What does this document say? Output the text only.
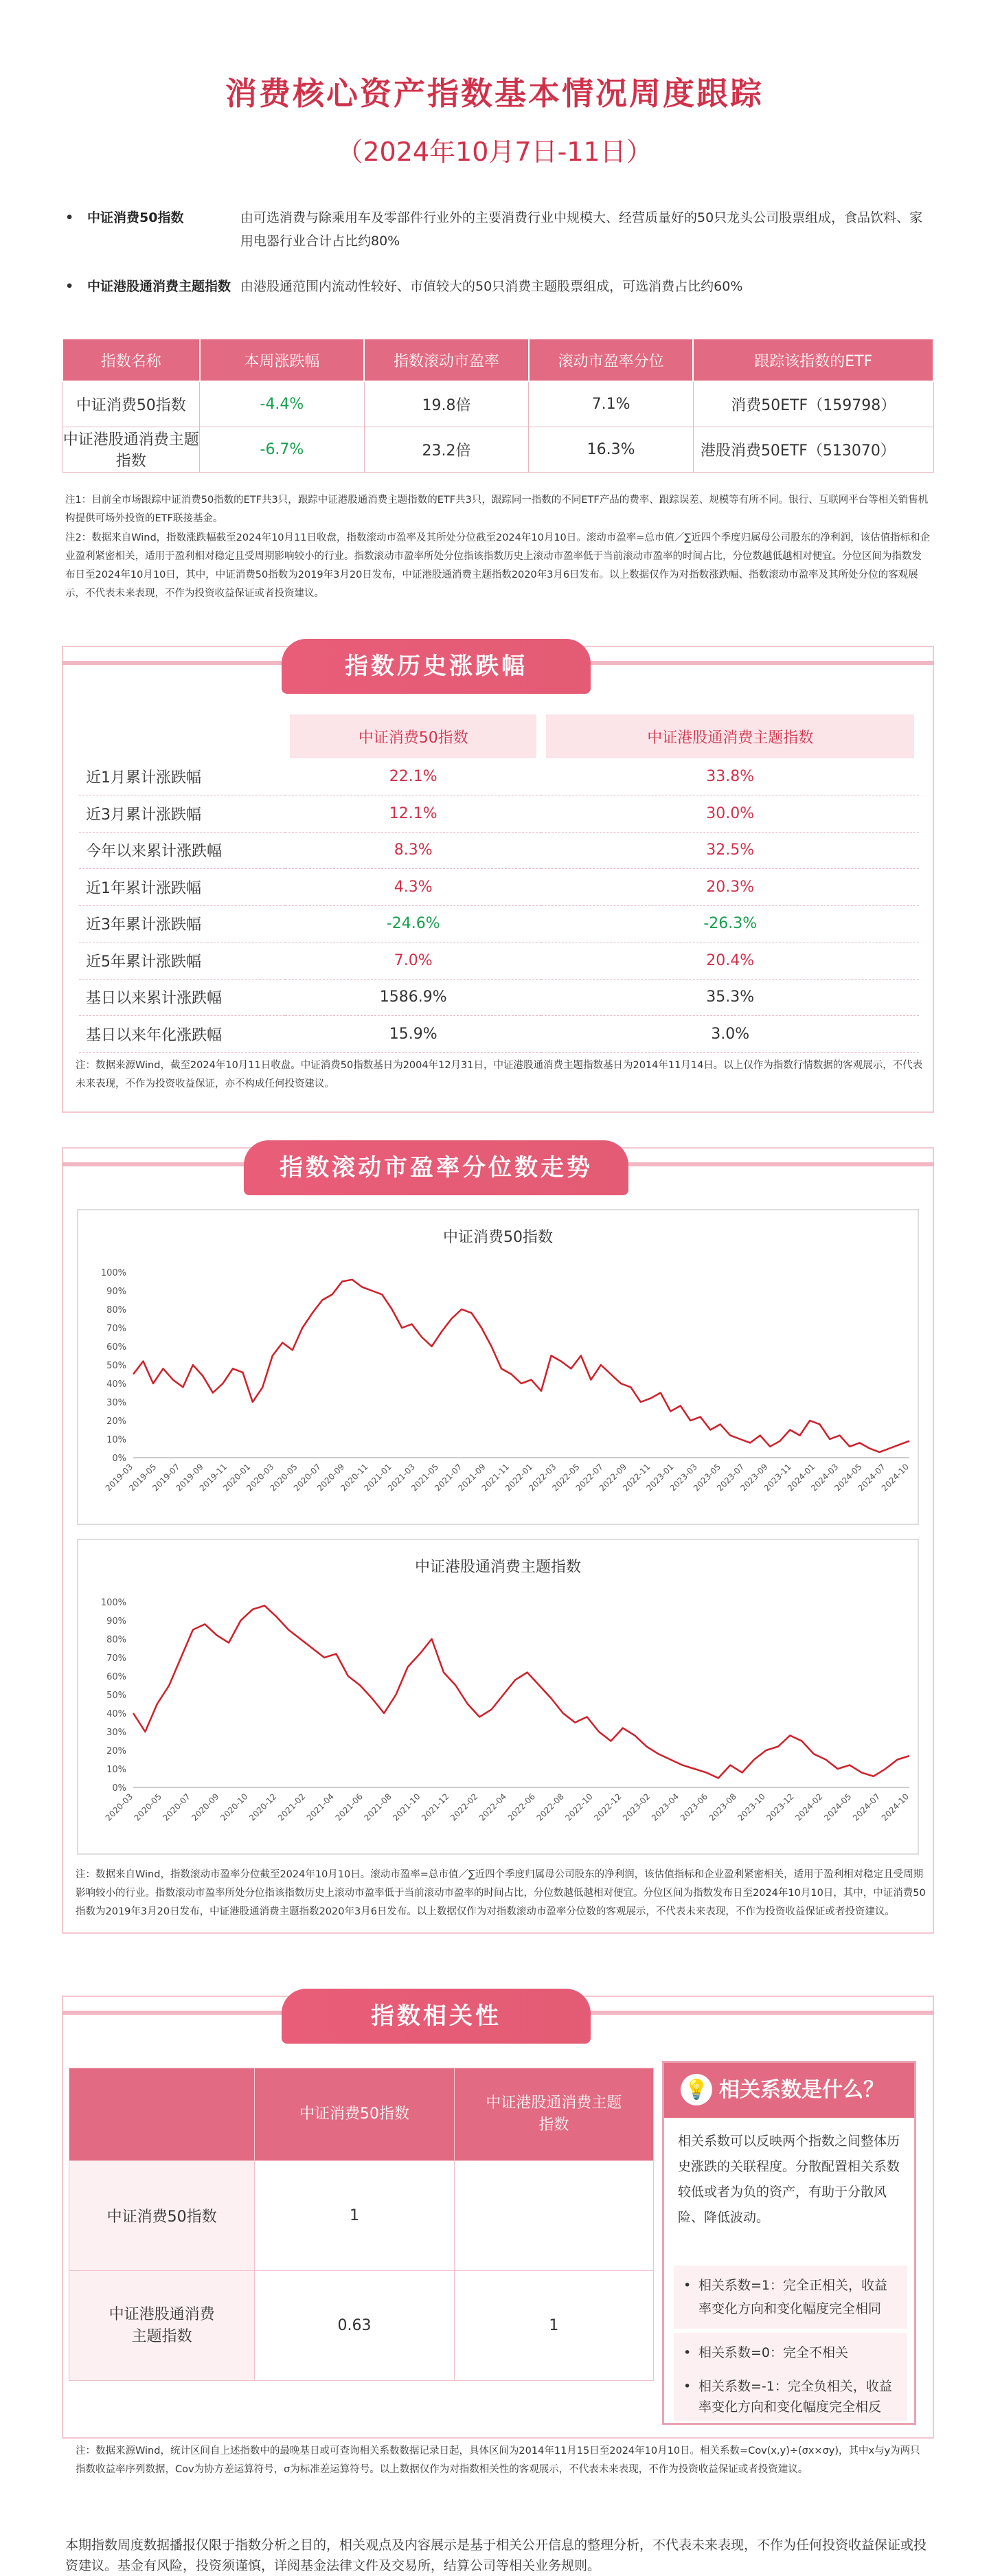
消费核心资产指数基本情况周度跟踪
（2024年10月7日-11日）
• 中证消费50指数	由可选消费与除乘用车及零部件行业外的主要消费行业中规模大、经营质量好的50只龙头公司股票组成，食品饮料、家用电器行业合计占比约80%
• 中证港股通消费主题指数 由港股通范围内流动性较好、市值较大的50只消费主题股票组成，可选消费占比约60%
指数名称	本周涨跌幅	指数滚动市盈率	滚动市盈率分位	跟踪该指数的ETF
中证消费50指数	-4.4%	19.8倍	7.1%	消费50ETF（159798）
中证港股通消费主题指数	-6.7%	23.2倍	16.3%	港股消费50ETF（513070）
注1：目前全市场跟踪中证消费50指数的ETF共3只，跟踪中证港股通消费主题指数的ETF共3只，跟踪同一指数的不同ETF产品的费率、跟踪误差、规模等有所不同。银行、互联网平台等相关销售机构提供可场外投资的ETF联接基金。
注2：数据来自Wind，指数涨跌幅截至2024年10月11日收盘，指数滚动市盈率及其所处分位截至2024年10月10日。滚动市盈率=总市值／∑近四个季度归属母公司股东的净利润，该估值指标和企业盈利紧密相关，适用于盈利相对稳定且受周期影响较小的行业。指数滚动市盈率所处分位指该指数历史上滚动市盈率低于当前滚动市盈率的时间占比，分位数越低越相对便宜。分位区间为指数发布日至2024年10月10日，其中，中证消费50指数为2019年3月20日发布，中证港股通消费主题指数2020年3月6日发布。以上数据仅作为对指数涨跌幅、指数滚动市盈率及其所处分位的客观展示，不代表未来表现，不作为投资收益保证或者投资建议。
指数历史涨跌幅
	中证消费50指数	中证港股通消费主题指数
近1月累计涨跌幅	22.1%	33.8%
近3月累计涨跌幅	12.1%	30.0%
今年以来累计涨跌幅	8.3%	32.5%
近1年累计涨跌幅	4.3%	20.3%
近3年累计涨跌幅	-24.6%	-26.3%
近5年累计涨跌幅	7.0%	20.4%
基日以来累计涨跌幅	1586.9%	35.3%
基日以来年化涨跌幅	15.9%	3.0%
注：数据来源Wind，截至2024年10月11日收盘。中证消费50指数基日为2004年12月31日，中证港股通消费主题指数基日为2014年11月14日。以上仅作为指数行情数据的客观展示，不代表未来表现，不作为投资收益保证，亦不构成任何投资建议。
指数滚动市盈率分位数走势
中证消费50指数
100%
90%
80%
70%
60%
50%
40%
30%
20%
10%
0%
2019-03
2019-05
2019-07
2019-09
2019-11
2020-01
2020-03
2020-05
2020-07
2020-09
2020-11
2021-01
2021-03
2021-05
2021-07
2021-09
2021-11
2022-01
2022-03
2022-05
2022-07
2022-09
2022-11
2023-01
2023-03
2023-05
2023-07
2023-09
2023-11
2024-01
2024-03
2024-05
2024-07
2024-10
中证港股通消费主题指数
100%
90%
80%
70%
60%
50%
40%
30%
20%
10%
0%
2020-03
2020-05
2020-07
2020-09
2020-10
2020-12
2021-02
2021-04
2021-06
2021-08
2021-10
2021-12
2022-02
2022-04
2022-06
2022-08
2022-10
2022-12
2023-02
2023-04
2023-06
2023-08
2023-10
2023-12
2024-02
2024-05
2024-07
2024-10
注：数据来自Wind，指数滚动市盈率分位截至2024年10月10日。滚动市盈率=总市值／∑近四个季度归属母公司股东的净利润，该估值指标和企业盈利紧密相关，适用于盈利相对稳定且受周期影响较小的行业。指数滚动市盈率所处分位指该指数历史上滚动市盈率低于当前滚动市盈率的时间占比，分位数越低越相对便宜。分位区间为指数发布日至2024年10月10日，其中，中证消费50指数为2019年3月20日发布，中证港股通消费主题指数2020年3月6日发布。以上数据仅作为对指数滚动市盈率分位数的客观展示，不代表未来表现，不作为投资收益保证或者投资建议。
指数相关性
	中证消费50指数	中证港股通消费主题指数
中证消费50指数	1	
中证港股通消费主题指数	0.63	1
💡 相关系数是什么？
相关系数可以反映两个指数之间整体历史涨跌的关联程度。分散配置相关系数较低或者为负的资产，有助于分散风险、降低波动。
• 相关系数=1：完全正相关，收益率变化方向和变化幅度完全相同
• 相关系数=0：完全不相关
• 相关系数=-1：完全负相关，收益率变化方向和变化幅度完全相反
注：数据来源Wind，统计区间自上述指数中的最晚基日或可查询相关系数数据记录日起，具体区间为2014年11月15日至2024年10月10日。相关系数=Cov(x,y)÷(σx×σy)，其中x与y为两只指数收益率序列数据，Cov为协方差运算符号，σ为标准差运算符号。以上数据仅作为对指数相关性的客观展示，不代表未来表现，不作为投资收益保证或者投资建议。
本期指数周度数据播报仅限于指数分析之目的，相关观点及内容展示是基于相关公开信息的整理分析，不代表未来表现，不作为任何投资收益保证或投资建议。基金有风险，投资须谨慎，详阅基金法律文件及交易所，结算公司等相关业务规则。
